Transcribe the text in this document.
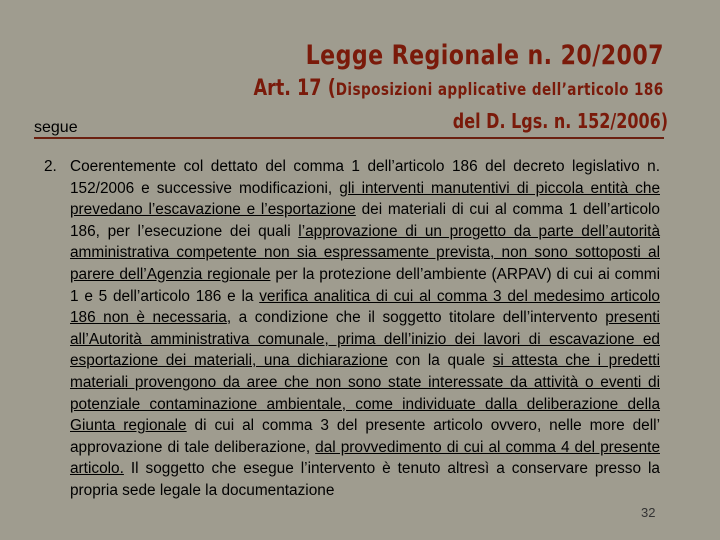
Legge Regionale n. 20/2007
Art. 17 (Disposizioni applicative dell’articolo 186
del D. Lgs. n. 152/2006)
segue
2. Coerentemente col dettato del comma 1 dell’articolo 186 del decreto legislativo n. 152/2006 e successive modificazioni, gli interventi manutentivi di piccola entità che prevedano l’escavazione e l’esportazione dei materiali di cui al comma 1 dell’articolo 186, per l’esecuzione dei quali l’approvazione di un progetto da parte dell’autorità amministrativa competente non sia espressamente prevista, non sono sottoposti al parere dell’Agenzia regionale per la protezione dell’ambiente (ARPAV) di cui ai commi 1 e 5 dell’articolo 186 e la verifica analitica di cui al comma 3 del medesimo articolo 186 non è necessaria, a condizione che il soggetto titolare dell’intervento presenti all’Autorità amministrativa comunale, prima dell’inizio dei lavori di escavazione ed esportazione dei materiali, una dichiarazione con la quale si attesta che i predetti materiali provengono da aree che non sono state interessate da attività o eventi di potenziale contaminazione ambientale, come individuate dalla deliberazione della Giunta regionale di cui al comma 3 del presente articolo ovvero, nelle more dell’ approvazione di tale deliberazione, dal provvedimento di cui al comma 4 del presente articolo. Il soggetto che esegue l’intervento è tenuto altresì a conservare presso la propria sede legale la documentazione
32
